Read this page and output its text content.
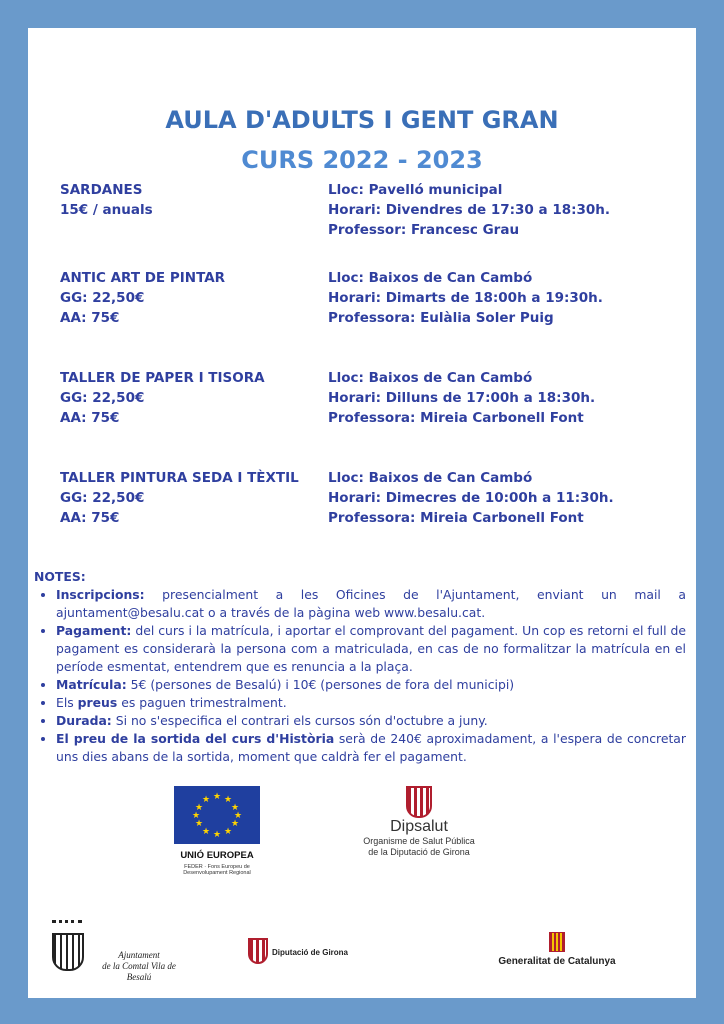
AULA D'ADULTS I GENT GRAN
CURS 2022 - 2023
SARDANES
15€ / anuals
Lloc: Pavelló municipal
Horari: Divendres de 17:30 a 18:30h.
Professor: Francesc Grau
ANTIC ART DE PINTAR
GG: 22,50€
AA: 75€
Lloc: Baixos de Can Cambó
Horari: Dimarts de 18:00h a 19:30h.
Professora: Eulàlia Soler Puig
TALLER DE PAPER I TISORA
GG: 22,50€
AA: 75€
Lloc: Baixos de Can Cambó
Horari: Dilluns de 17:00h a 18:30h.
Professora: Mireia Carbonell Font
TALLER PINTURA SEDA I TÈXTIL
GG: 22,50€
AA: 75€
Lloc: Baixos de Can Cambó
Horari: Dimecres de 10:00h a 11:30h.
Professora: Mireia Carbonell Font
NOTES:
• Inscripcions: presencialment a les Oficines de l'Ajuntament, enviant un mail a ajuntament@besalu.cat o a través de la pàgina web www.besalu.cat.
• Pagament: del curs i la matrícula, i aportar el comprovant del pagament. Un cop es retorni el full de pagament es considerarà la persona com a matriculada, en cas de no formalitzar la matrícula en el període esmentat, entendrem que es renuncia a la plaça.
• Matrícula: 5€ (persones de Besalú) i 10€ (persones de fora del municipi)
• Els preus es paguen trimestralment.
• Durada: Si no s'especifica el contrari els cursos són d'octubre a juny.
• El preu de la sortida del curs d'Història serà de 240€ aproximadament, a l'espera de concretar uns dies abans de la sortida, moment que caldrà fer el pagament.
★ ★
★
★
★
★
★
★
★
★
★
★
UNIÓ EUROPEA
FEDER · Fons Europeu de Desenvolupament Regional
Dipsalut
Organisme de Salut Pública
de la Diputació de Girona
Ajuntament
de la Comtal Vila de
Besalú
Diputació de Girona
Generalitat de Catalunya
